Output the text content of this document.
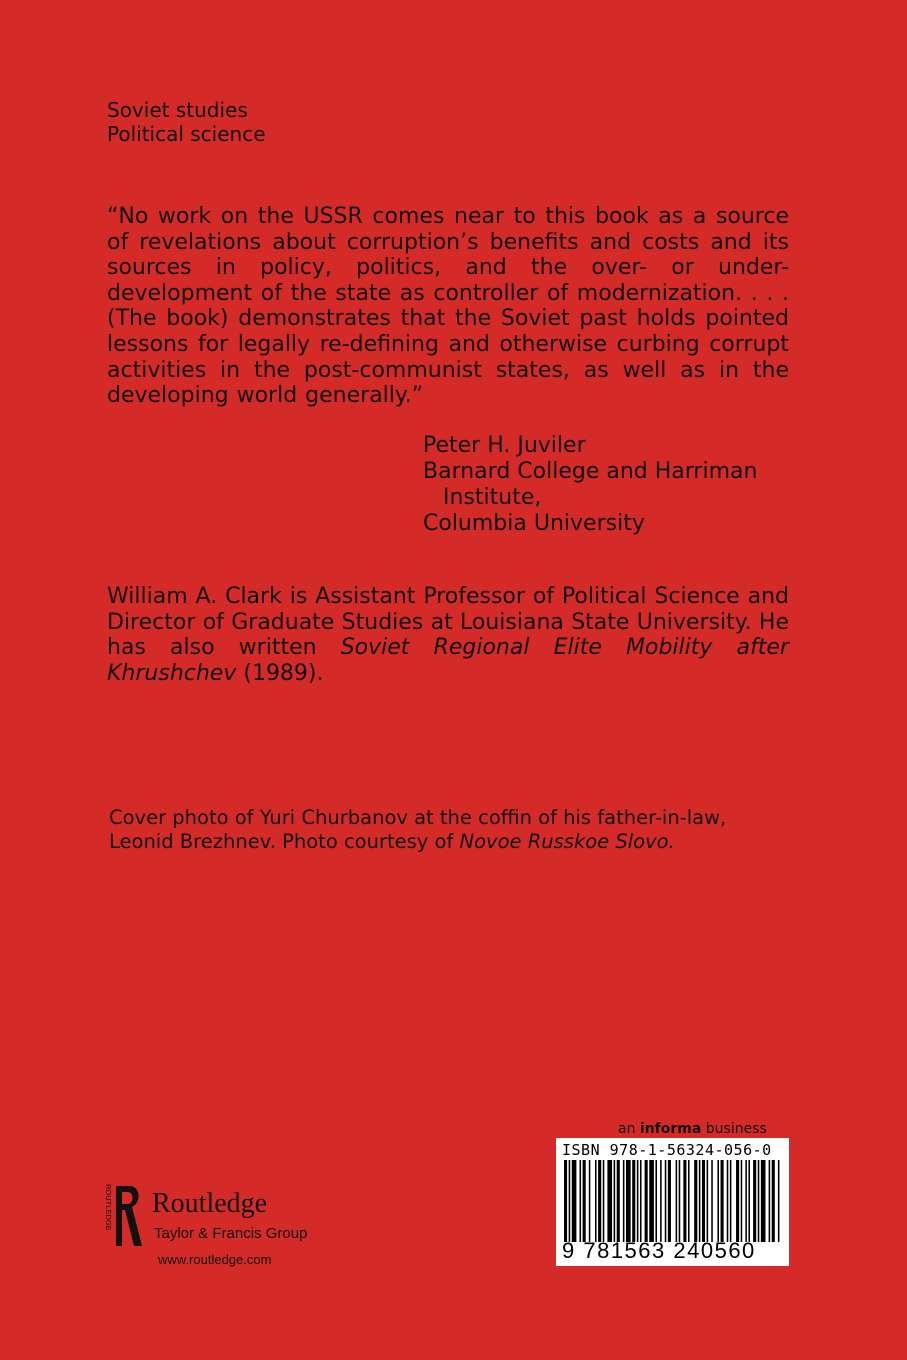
Soviet studies
Political science
“No work on the USSR comes near to this book as a source of revelations about corruption’s benefits and costs and its sources in policy, politics, and the over- or under-development of the state as controller of modernization. . . . (The book) demonstrates that the Soviet past holds pointed lessons for legally re-defining and otherwise curbing corrupt activities in the post-communist states, as well as in the developing world generally.”
Peter H. Juviler
Barnard College and Harriman
Institute,
Columbia University
William A. Clark is Assistant Professor of Political Science and Director of Graduate Studies at Louisiana State University. He has also written Soviet Regional Elite Mobility after Khrushchev (1989).
Cover photo of Yuri Churbanov at the coffin of his father-in-law,
Leonid Brezhnev. Photo courtesy of Novoe Russkoe Slovo.
an informa business
ISBN 978-1-56324-056-0
9 781563 240560
ROUTLEDGE Routledge
Taylor & Francis Group
www.routledge.com
